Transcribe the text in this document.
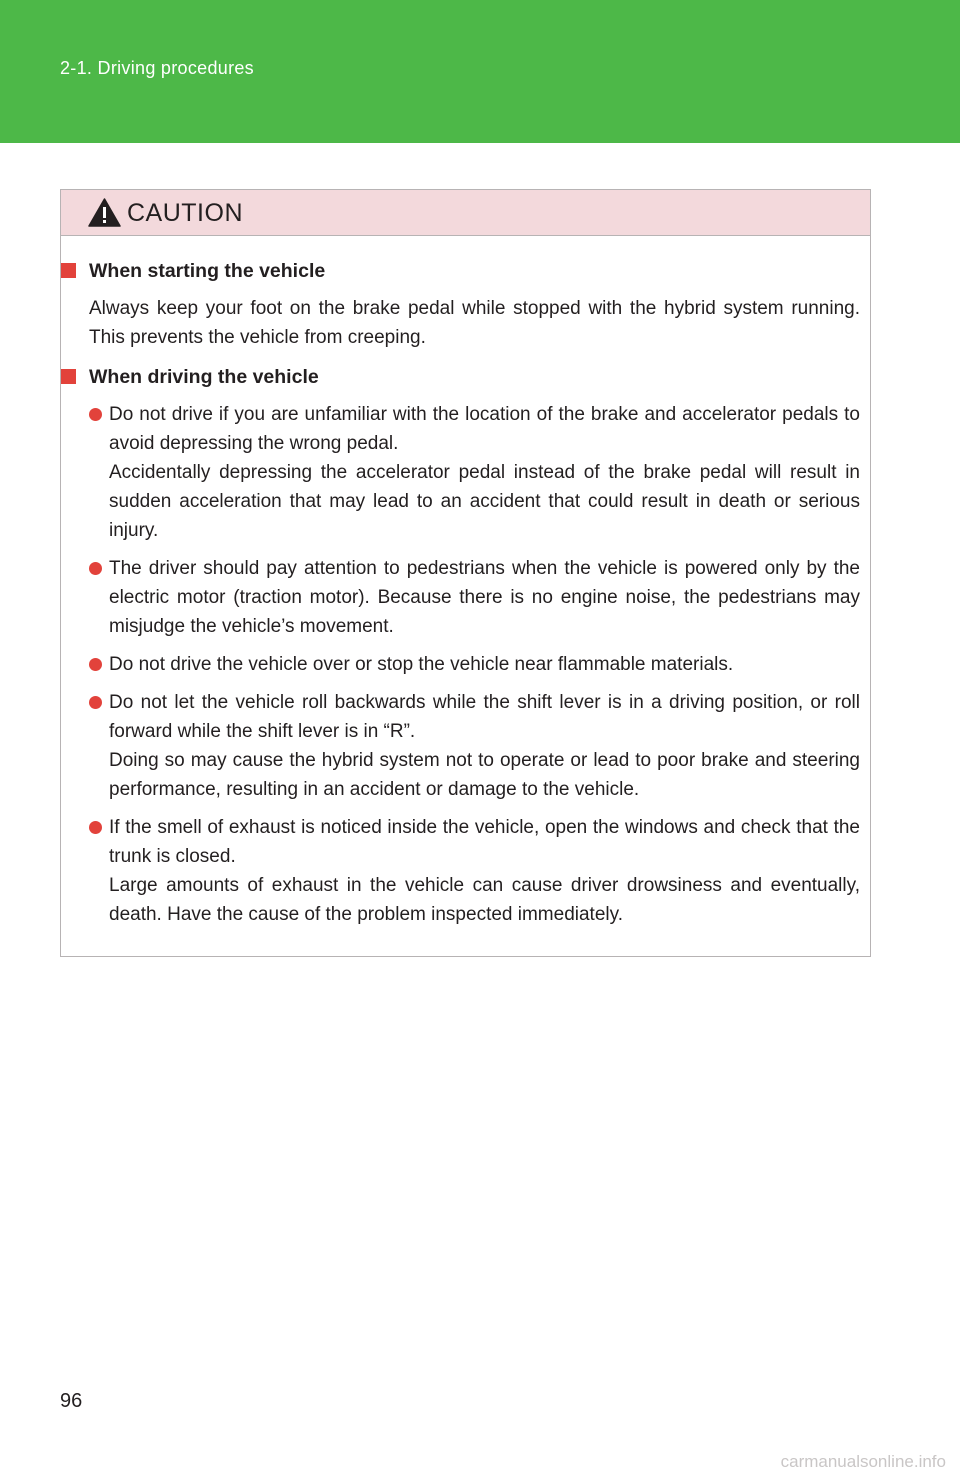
2-1. Driving procedures
CAUTION
When starting the vehicle

Always keep your foot on the brake pedal while stopped with the hybrid system running. This prevents the vehicle from creeping.

When driving the vehicle

Do not drive if you are unfamiliar with the location of the brake and accelerator pedals to avoid depressing the wrong pedal.

Accidentally depressing the accelerator pedal instead of the brake pedal will result in sudden acceleration that may lead to an accident that could result in death or serious injury.

The driver should pay attention to pedestrians when the vehicle is powered only by the electric motor (traction motor). Because there is no engine noise, the pedestrians may misjudge the vehicle’s movement.

Do not drive the vehicle over or stop the vehicle near flammable materials.

Do not let the vehicle roll backwards while the shift lever is in a driving position, or roll forward while the shift lever is in “R”.

Doing so may cause the hybrid system not to operate or lead to poor brake and steering performance, resulting in an accident or damage to the vehicle.

If the smell of exhaust is noticed inside the vehicle, open the windows and check that the trunk is closed.

Large amounts of exhaust in the vehicle can cause driver drowsiness and eventually, death. Have the cause of the problem inspected immediately.

96
carmanualsonline.info
